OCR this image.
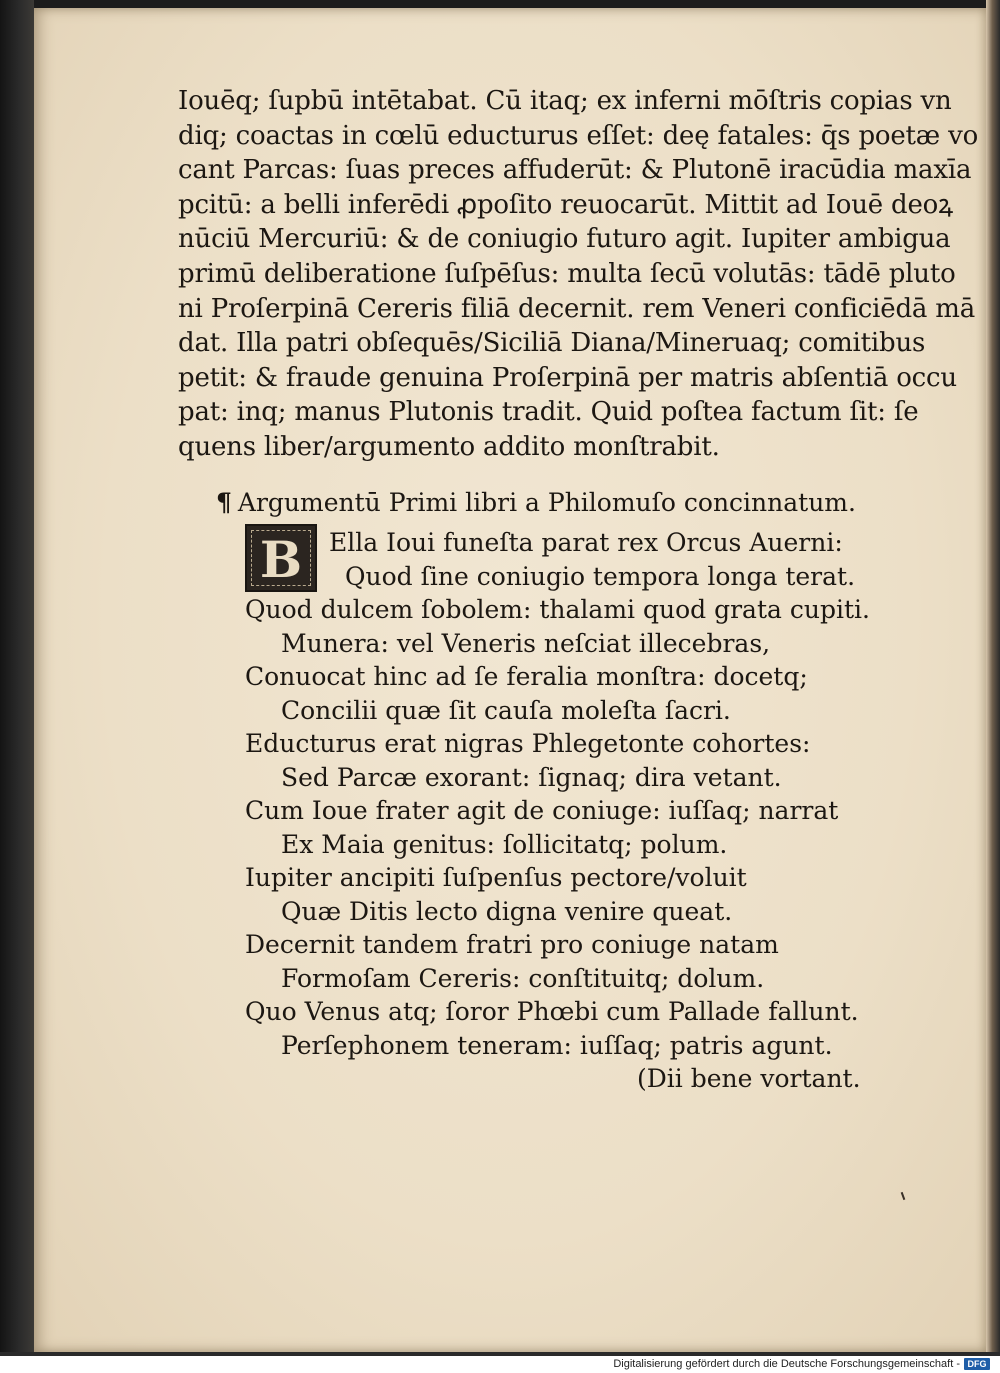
Iouēq; ſupbū intētabat. Cū itaq; ex inferni mōſtris copias vn
diq; coactas in cœlū educturus eſſet: deę fatales: q̄s poetæ vo
cant Parcas: ſuas preces affuderūt: & Plutonē iracūdia maxīa
pcitū: a belli inferēdi ꝓpoſito reuocarūt. Mittit ad Iouē deoꝝ
nūciū Mercuriū: & de coniugio futuro agit. Iupiter ambigua
primū deliberatione ſuſpēſus: multa ſecū volutās: tādē pluto
ni Proſerpinā Cereris filiā decernit. rem Veneri conficiēdā mā
dat. Illa patri obſequēs/Siciliā Diana/Mineruaq; comitibus
petit: & fraude genuina Proſerpinā per matris abſentiā occu
pat: inq; manus Plutonis tradit. Quid poſtea factum ſit: ſe
quens liber/argumento addito monſtrabit.
¶ Argumentū Primi libri a Philomuſo concinnatum.
B	Ella Ioui funeſta parat rex Orcus Auerni:
Quod ſine coniugio tempora longa terat.
Quod dulcem ſobolem: thalami quod grata cupiti.
Munera: vel Veneris neſciat illecebras,
Conuocat hinc ad ſe feralia monſtra: docetq;
Concilii quæ ſit cauſa moleſta ſacri.
Educturus erat nigras Phlegetonte cohortes:
Sed Parcæ exorant: ſignaq; dira vetant.
Cum Ioue frater agit de coniuge: iuſſaq; narrat
Ex Maia genitus: ſollicitatq; polum.
Iupiter ancipiti ſuſpenſus pectore/voluit
Quæ Ditis lecto digna venire queat.
Decernit tandem fratri pro coniuge natam
Formoſam Cereris: conſtituitq; dolum.
Quo Venus atq; ſoror Phœbi cum Pallade fallunt.
Perſephonem teneram: iuſſaq; patris agunt.
(Dii bene vortant.
Digitalisierung gefördert durch die Deutsche Forschungsgemeinschaft - DFG
